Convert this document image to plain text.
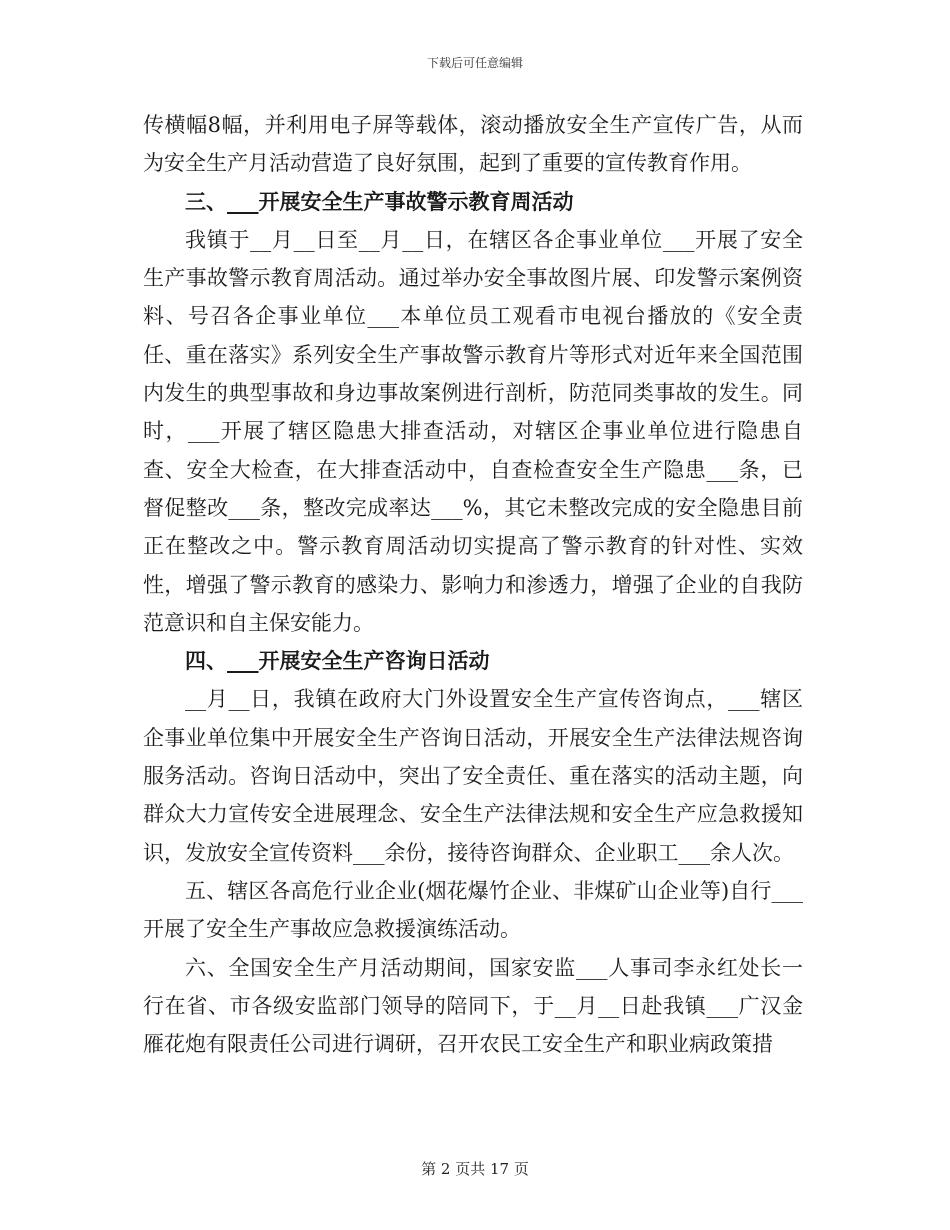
下载后可任意编辑

传横幅8幅，并利用电子屏等载体，滚动播放安全生产宣传广告，从而为安全生产月活动营造了良好氛围，起到了重要的宣传教育作用。

三、___开展安全生产事故警示教育周活动

我镇于__月__日至__月__日，在辖区各企事业单位___开展了安全生产事故警示教育周活动。通过举办安全事故图片展、印发警示案例资料、号召各企事业单位___本单位员工观看市电视台播放的《安全责任、重在落实》系列安全生产事故警示教育片等形式对近年来全国范围内发生的典型事故和身边事故案例进行剖析，防范同类事故的发生。同时，___开展了辖区隐患大排查活动，对辖区企事业单位进行隐患自查、安全大检查，在大排查活动中，自查检查安全生产隐患___条，已督促整改___条，整改完成率达___%，其它未整改完成的安全隐患目前正在整改之中。警示教育周活动切实提高了警示教育的针对性、实效性，增强了警示教育的感染力、影响力和渗透力，增强了企业的自我防范意识和自主保安能力。

四、___开展安全生产咨询日活动

__月__日，我镇在政府大门外设置安全生产宣传咨询点，___辖区企事业单位集中开展安全生产咨询日活动，开展安全生产法律法规咨询服务活动。咨询日活动中，突出了安全责任、重在落实的活动主题，向群众大力宣传安全进展理念、安全生产法律法规和安全生产应急救援知识，发放安全宣传资料___余份，接待咨询群众、企业职工___余人次。

五、辖区各高危行业企业(烟花爆竹企业、非煤矿山企业等)自行___开展了安全生产事故应急救援演练活动。

六、全国安全生产月活动期间，国家安监___人事司李永红处长一行在省、市各级安监部门领导的陪同下，于__月__日赴我镇___广汉金雁花炮有限责任公司进行调研，召开农民工安全生产和职业病政策措

第 2 页共 17 页
